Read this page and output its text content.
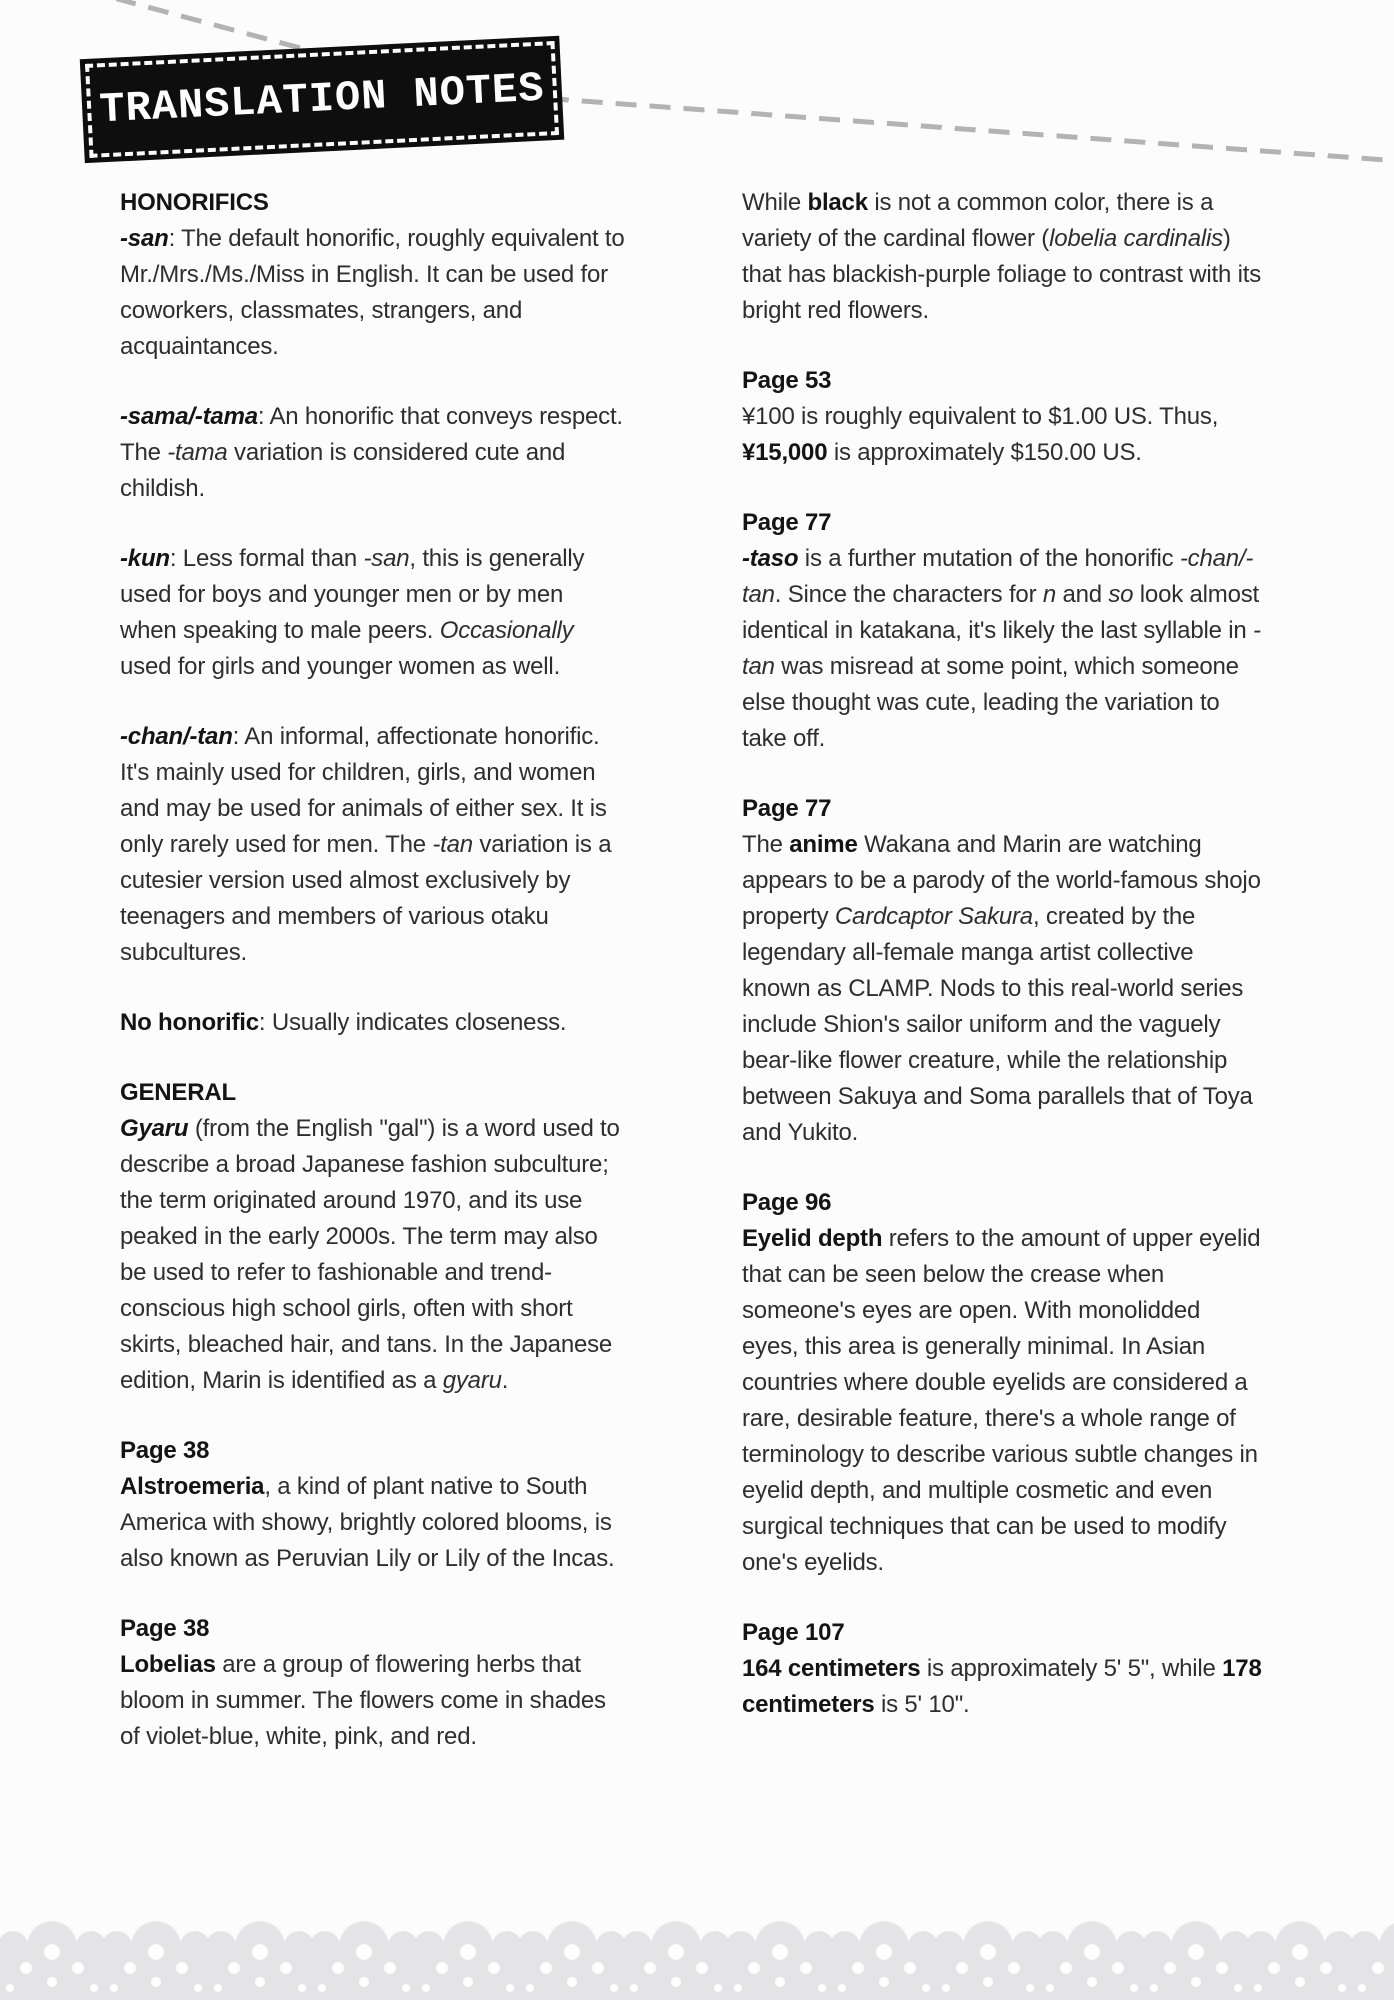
TRANSLATION NOTES
HONORIFICS

-san: The default honorific, roughly equivalent to Mr./Mrs./Ms./Miss in English. It can be used for coworkers, classmates, strangers, and acquaintances.

-sama/-tama: An honorific that conveys respect. The -tama variation is considered cute and childish.

-kun: Less formal than -san, this is generally used for boys and younger men or by men when speaking to male peers. Occasionally used for girls and younger women as well.

-chan/-tan: An informal, affectionate honorific. It's mainly used for children, girls, and women and may be used for animals of either sex. It is only rarely used for men. The -tan variation is a cutesier version used almost exclusively by teenagers and members of various otaku subcultures.

No honorific: Usually indicates closeness.

GENERAL

Gyaru (from the English "gal") is a word used to describe a broad Japanese fashion subculture; the term originated around 1970, and its use peaked in the early 2000s. The term may also be used to refer to fashionable and trend-conscious high school girls, often with short skirts, bleached hair, and tans. In the Japanese edition, Marin is identified as a gyaru.

Page 38

Alstroemeria, a kind of plant native to South America with showy, brightly colored blooms, is also known as Peruvian Lily or Lily of the Incas.

Page 38

Lobelias are a group of flowering herbs that bloom in summer. The flowers come in shades of violet-blue, white, pink, and red.

While black is not a common color, there is a variety of the cardinal flower (lobelia cardinalis) that has blackish-purple foliage to contrast with its bright red flowers.

Page 53

¥100 is roughly equivalent to $1.00 US. Thus, ¥15,000 is approximately $150.00 US.

Page 77

-taso is a further mutation of the honorific -chan/-tan. Since the characters for n and so look almost identical in katakana, it's likely the last syllable in -tan was misread at some point, which someone else thought was cute, leading the variation to take off.

Page 77

The anime Wakana and Marin are watching appears to be a parody of the world-famous shojo property Cardcaptor Sakura, created by the legendary all-female manga artist collective known as CLAMP. Nods to this real-world series include Shion's sailor uniform and the vaguely bear-like flower creature, while the relationship between Sakuya and Soma parallels that of Toya and Yukito.

Page 96

Eyelid depth refers to the amount of upper eyelid that can be seen below the crease when someone's eyes are open. With monolidded eyes, this area is generally minimal. In Asian countries where double eyelids are considered a rare, desirable feature, there's a whole range of terminology to describe various subtle changes in eyelid depth, and multiple cosmetic and even surgical techniques that can be used to modify one's eyelids.

Page 107

164 centimeters is approximately 5' 5", while 178 centimeters is 5' 10".
